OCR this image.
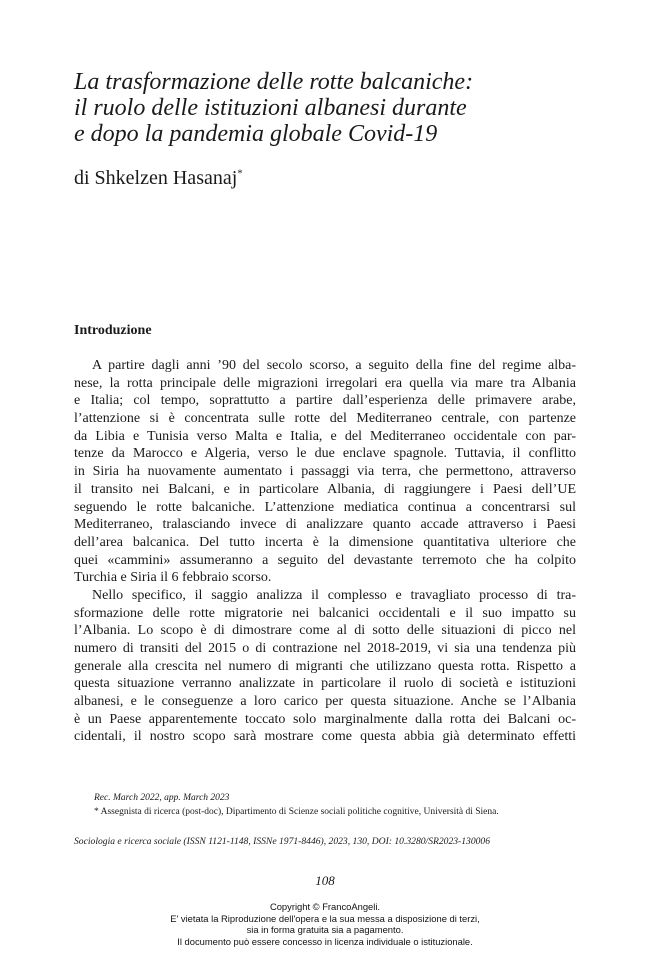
La trasformazione delle rotte balcaniche:
il ruolo delle istituzioni albanesi durante
e dopo la pandemia globale Covid-19
di Shkelzen Hasanaj*
Introduzione
A partire dagli anni ’90 del secolo scorso, a seguito della fine del regime alba-
nese, la rotta principale delle migrazioni irregolari era quella via mare tra Albania
e Italia; col tempo, soprattutto a partire dall’esperienza delle primavere arabe,
l’attenzione si è concentrata sulle rotte del Mediterraneo centrale, con partenze
da Libia e Tunisia verso Malta e Italia, e del Mediterraneo occidentale con par-
tenze da Marocco e Algeria, verso le due enclave spagnole. Tuttavia, il conflitto
in Siria ha nuovamente aumentato i passaggi via terra, che permettono, attraverso
il transito nei Balcani, e in particolare Albania, di raggiungere i Paesi dell’UE
seguendo le rotte balcaniche. L’attenzione mediatica continua a concentrarsi sul
Mediterraneo, tralasciando invece di analizzare quanto accade attraverso i Paesi
dell’area balcanica. Del tutto incerta è la dimensione quantitativa ulteriore che
quei «cammini» assumeranno a seguito del devastante terremoto che ha colpito
Turchia e Siria il 6 febbraio scorso.
Nello specifico, il saggio analizza il complesso e travagliato processo di tra-
sformazione delle rotte migratorie nei balcanici occidentali e il suo impatto su
l’Albania. Lo scopo è di dimostrare come al di sotto delle situazioni di picco nel
numero di transiti del 2015 o di contrazione nel 2018-2019, vi sia una tendenza più
generale alla crescita nel numero di migranti che utilizzano questa rotta. Rispetto a
questa situazione verranno analizzate in particolare il ruolo di società e istituzioni
albanesi, e le conseguenze a loro carico per questa situazione. Anche se l’Albania
è un Paese apparentemente toccato solo marginalmente dalla rotta dei Balcani oc-
cidentali, il nostro scopo sarà mostrare come questa abbia già determinato effetti
Rec. March 2022, app. March 2023
* Assegnista di ricerca (post-doc), Dipartimento di Scienze sociali politiche cognitive, Università di Siena.
Sociologia e ricerca sociale (ISSN 1121-1148, ISSNe 1971-8446), 2023, 130, DOI: 10.3280/SR2023-130006
108
Copyright © FrancoAngeli.
E' vietata la Riproduzione dell'opera e la sua messa a disposizione di terzi,
sia in forma gratuita sia a pagamento.
Il documento può essere concesso in licenza individuale o istituzionale.
